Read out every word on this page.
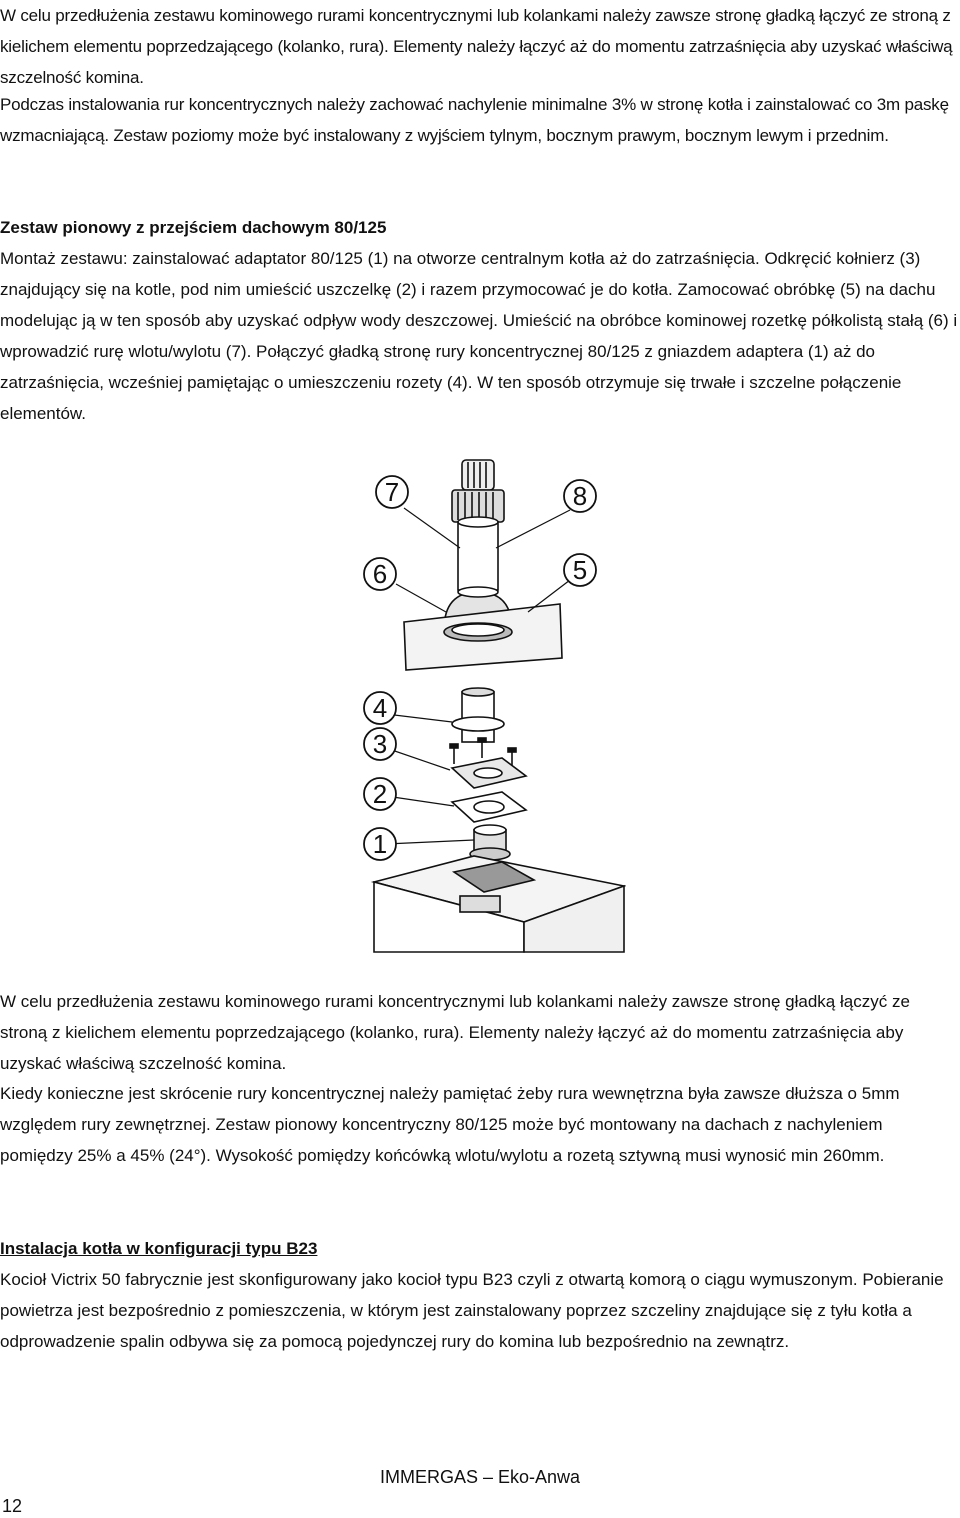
W celu przedłużenia zestawu kominowego rurami koncentrycznymi lub kolankami należy zawsze stronę gładką łączyć ze stroną z kielichem elementu poprzedzającego (kolanko, rura). Elementy należy łączyć aż do momentu zatrzaśnięcia aby uzyskać właściwą szczelność komina.

Podczas instalowania rur koncentrycznych należy zachować nachylenie minimalne 3% w stronę kotła i zainstalować co 3m paskę wzmacniającą. Zestaw poziomy może być instalowany z wyjściem tylnym, bocznym prawym, bocznym lewym i przednim.

Zestaw pionowy z przejściem dachowym 80/125

Montaż zestawu: zainstalować adaptator 80/125 (1) na otworze centralnym kotła aż do zatrzaśnięcia. Odkręcić kołnierz (3) znajdujący się na kotle, pod nim umieścić uszczelkę (2) i razem przymocować je do kotła. Zamocować obróbkę (5) na dachu modelując ją w ten sposób aby uzyskać odpływ wody deszczowej. Umieścić na obróbce kominowej rozetkę półkolistą stałą (6) i wprowadzić rurę wlotu/wylotu (7). Połączyć gładką stronę rury koncentrycznej 80/125 z gniazdem adaptera (1) aż do zatrzaśnięcia, wcześniej pamiętając o umieszczeniu rozety (4). W ten sposób otrzymuje się trwałe i szczelne połączenie elementów.

7	8
6	5
4
3
2
1

W celu przedłużenia zestawu kominowego rurami koncentrycznymi lub kolankami należy zawsze stronę gładką łączyć ze stroną z kielichem elementu poprzedzającego (kolanko, rura). Elementy należy łączyć aż do momentu zatrzaśnięcia aby uzyskać właściwą szczelność komina.

Kiedy konieczne jest skrócenie rury koncentrycznej należy pamiętać żeby rura wewnętrzna była zawsze dłuższa o 5mm względem rury zewnętrznej. Zestaw pionowy koncentryczny 80/125 może być montowany na dachach z nachyleniem pomiędzy 25% a 45% (24°). Wysokość pomiędzy końcówką wlotu/wylotu a rozetą sztywną musi wynosić min 260mm.

Instalacja kotła w konfiguracji typu B23

Kocioł Victrix 50 fabrycznie jest skonfigurowany jako kocioł typu B23 czyli z otwartą komorą o ciągu wymuszonym. Pobieranie powietrza jest bezpośrednio z pomieszczenia, w którym jest zainstalowany poprzez szczeliny znajdujące się z tyłu kotła a odprowadzenie spalin odbywa się za pomocą pojedynczej rury do komina lub bezpośrednio na zewnątrz.

IMMERGAS – Eko-Anwa
12
